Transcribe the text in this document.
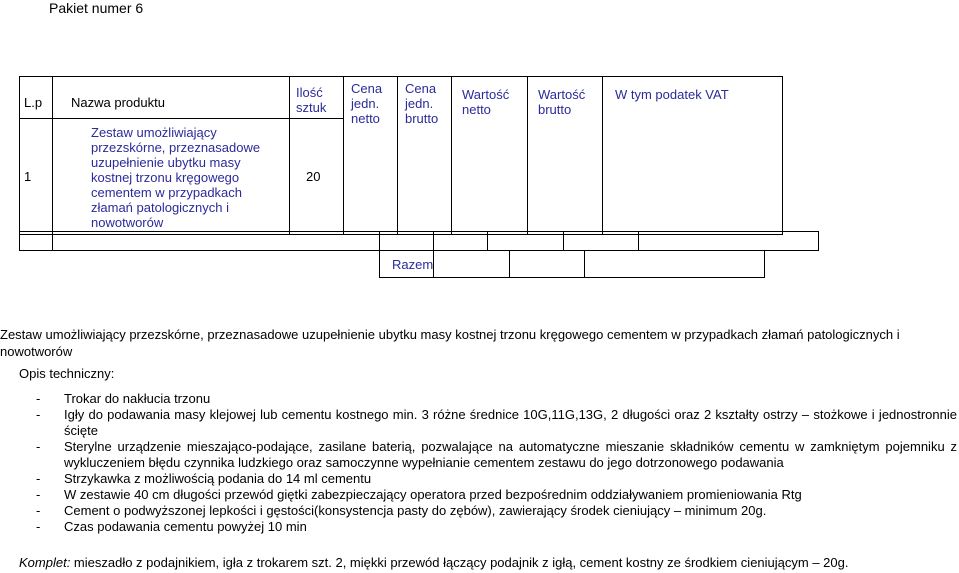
Pakiet numer 6
L.p	Nazwa produktu	Ilość sztuk	Cena jedn. netto	Cena jedn. brutto	Wartość netto	Wartość brutto	W tym podatek VAT
1	Zestaw umożliwiający przezskórne, przeznasadowe uzupełnienie ubytku masy kostnej trzonu kręgowego cementem w przypadkach złamań patologicznych i nowotworów	20					

Razem			
Zestaw umożliwiający przezskórne, przeznasadowe uzupełnienie ubytku masy kostnej trzonu kręgowego cementem w przypadkach złamań patologicznych i nowotworów
Opis techniczny:
- Trokar do nakłucia trzonu
- Igły do podawania masy klejowej lub cementu kostnego min. 3 różne średnice 10G,11G,13G, 2 długości oraz 2 kształty ostrzy – stożkowe i jednostronnie ścięte
- Sterylne urządzenie mieszająco-podające, zasilane baterią, pozwalające na automatyczne mieszanie składników cementu w zamkniętym pojemniku z wykluczeniem błędu czynnika ludzkiego oraz samoczynne wypełnianie cementem zestawu do jego dotrzonowego podawania
- Strzykawka z możliwością podania do 14 ml cementu
- W zestawie 40 cm długości przewód giętki zabezpieczający operatora przed bezpośrednim oddziaływaniem promieniowania Rtg
- Cement o podwyższonej lepkości i gęstości(konsystencja pasty do zębów), zawierający środek cieniujący – minimum 20g.
- Czas podawania cementu powyżej 10 min
Komplet: mieszadło z podajnikiem, igła z trokarem szt. 2, miękki przewód łączący podajnik z igłą, cement kostny ze środkiem cieniującym – 20g.
